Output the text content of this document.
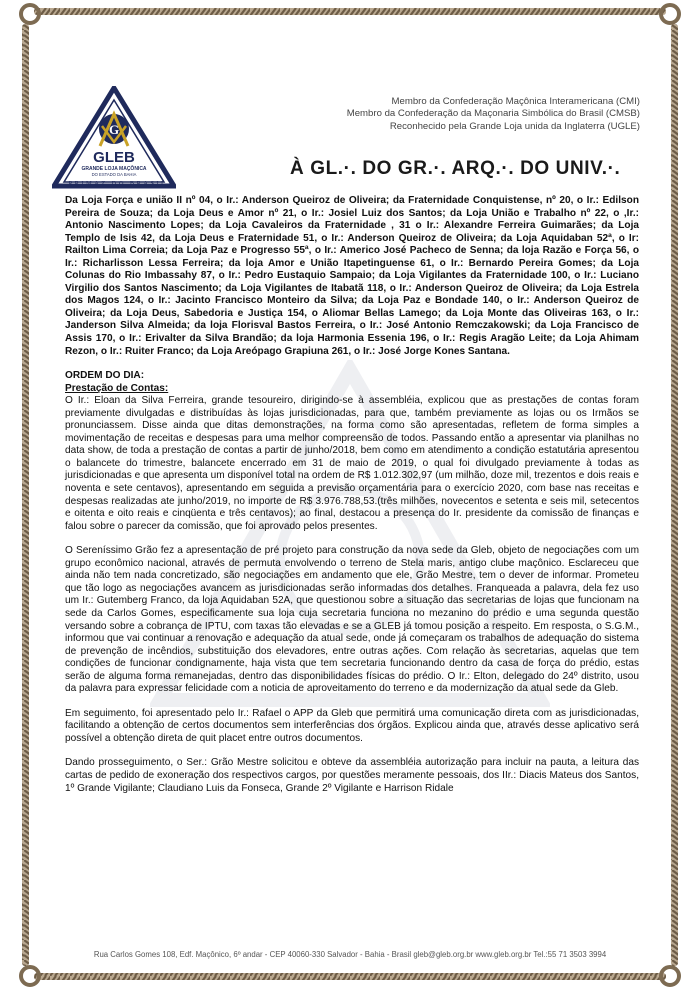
G
GLEB
GRANDE LOJA MAÇÔNICA
DO ESTADO DA BAHIA
PRIMAZ DO BRASIL
Membro da Confederação Maçônica Interamericana (CMI)
Membro da Confederação da Maçonaria Simbólica do Brasil (CMSB)
Reconhecido pela Grande Loja unida da Inglaterra (UGLE)
À GL.·. DO GR.·. ARQ.·. DO UNIV.·.

Da Loja Força e união II nº 04, o Ir.: Anderson Queiroz de Oliveira; da Fraternidade Conquistense, nº 20, o Ir.: Edilson Pereira de Souza; da Loja Deus e Amor nº 21, o Ir.: Josiel Luiz dos Santos; da Loja União e Trabalho nº 22, o ,Ir.: Antonio Nascimento Lopes; da Loja Cavaleiros da Fraternidade , 31 o Ir.: Alexandre Ferreira Guimarães; da Loja Templo de Isis 42, da Loja Deus e Fraternidade 51, o Ir.: Anderson Queiroz de Oliveira; da Loja Aquidaban 52ª, o Ir: Railton Lima Correia; da Loja Paz e Progresso 55ª, o Ir.: Americo José Pacheco de Senna; da loja Razão e Força 56, o Ir.: Richarlisson Lessa Ferreira; da loja Amor e União Itapetinguense 61, o Ir.: Bernardo Pereira Gomes; da Loja Colunas do Rio Imbassahy 87, o Ir.: Pedro Eustaquio Sampaio; da Loja Vigilantes da Fraternidade 100, o Ir.: Luciano Virgilio dos Santos Nascimento; da Loja Vigilantes de Itabatã 118, o Ir.: Anderson Queiroz de Oliveira; da Loja Estrela dos Magos 124, o Ir.: Jacinto Francisco Monteiro da Silva; da Loja Paz e Bondade 140, o Ir.: Anderson Queiroz de Oliveira; da Loja Deus, Sabedoria e Justiça 154, o Aliomar Bellas Lamego; da Loja Monte das Oliveiras 163, o Ir.: Janderson Silva Almeida; da loja Florisval Bastos Ferreira, o Ir.: José Antonio Remczakowski; da Loja Francisco de Assis 170, o Ir.: Erivalter da Silva Brandão; da loja Harmonia Essenia 196, o Ir.: Regis Aragão Leite; da Loja Ahimam Rezon, o Ir.: Ruiter Franco; da Loja Areópago Grapiuna 261, o Ir.: José Jorge Kones Santana.

ORDEM DO DIA:

Prestação de Contas:

O Ir.: Eloan da Silva Ferreira, grande tesoureiro, dirigindo-se à assembléia, explicou que as prestações de contas foram previamente divulgadas e distribuídas às lojas jurisdicionadas, para que, também previamente as lojas ou os Irmãos se pronunciassem. Disse ainda que ditas demonstrações, na forma como são apresentadas, refletem de forma simples a movimentação de receitas e despesas para uma melhor compreensão de todos. Passando então a apresentar via planilhas no data show, de toda a prestação de contas a partir de junho/2018, bem como em atendimento a condição estatutária apresentou o balancete do trimestre, balancete encerrado em 31 de maio de 2019, o qual foi divulgado previamente à todas as jurisdicionadas e que apresenta um disponível total na ordem de R$ 1.012.302,97 (um milhão, doze mil, trezentos e dois reais e noventa e sete centavos), apresentando em seguida a previsão orçamentária para o exercício 2020, com base nas receitas e despesas realizadas ate junho/2019, no importe de R$ 3.976.788,53.(três milhões, novecentos e setenta e seis mil, setecentos e oitenta e oito reais e cinqüenta e três centavos); ao final, destacou a presença do Ir. presidente da comissão de finanças e falou sobre o parecer da comissão, que foi aprovado pelos presentes.

O Sereníssimo Grão fez a apresentação de pré projeto para construção da nova sede da Gleb, objeto de negociações com um grupo econômico nacional, através de permuta envolvendo o terreno de Stela maris, antigo clube maçônico. Esclareceu que ainda não tem nada concretizado, são negociações em andamento que ele, Grão Mestre, tem o dever de informar. Prometeu que tão logo as negociações avancem as jurisdicionadas serão informadas dos detalhes. Franqueada a palavra, dela fez uso um Ir.: Gutemberg Franco, da loja Aquidaban 52A, que questionou sobre a situação das secretarias de lojas que funcionam na sede da Carlos Gomes, especificamente sua loja cuja secretaria funciona no mezanino do prédio e uma segunda questão versando sobre a cobrança de IPTU, com taxas tão elevadas e se a GLEB já tomou posição a respeito. Em resposta, o S.G.M., informou que vai continuar a renovação e adequação da atual sede, onde já começaram os trabalhos de adequação do sistema de prevenção de incêndios, substituição dos elevadores, entre outras ações. Com relação às secretarias, aquelas que tem condições de funcionar condignamente, haja vista que tem secretaria funcionando dentro da casa de força do prédio, estas serão de alguma forma remanejadas, dentro das disponibilidades físicas do prédio. O Ir.: Elton, delegado do 24º distrito, usou da palavra para expressar felicidade com a noticia de aproveitamento do terreno e da modernização da atual sede da Gleb.

Em seguimento, foi apresentado pelo Ir.: Rafael o APP da Gleb que permitirá uma comunicação direta com as jurisdicionadas, facilitando a obtenção de certos documentos sem interferências dos órgãos. Explicou ainda que, através desse aplicativo será possível a obtenção direta de quit placet entre outros documentos.

Dando prosseguimento, o Ser.: Grão Mestre solicitou e obteve da assembléia autorização para incluir na pauta, a leitura das cartas de pedido de exoneração dos respectivos cargos, por questões meramente pessoais, dos IIr.: Diacis Mateus dos Santos, 1º Grande Vigilante; Claudiano Luis da Fonseca, Grande 2º Vigilante e Harrison Ridale

Rua Carlos Gomes 108, Edf. Maçônico, 6º andar - CEP 40060-330 Salvador - Bahia - Brasil gleb@gleb.org.br www.gleb.org.br Tel.:55 71 3503 3994
